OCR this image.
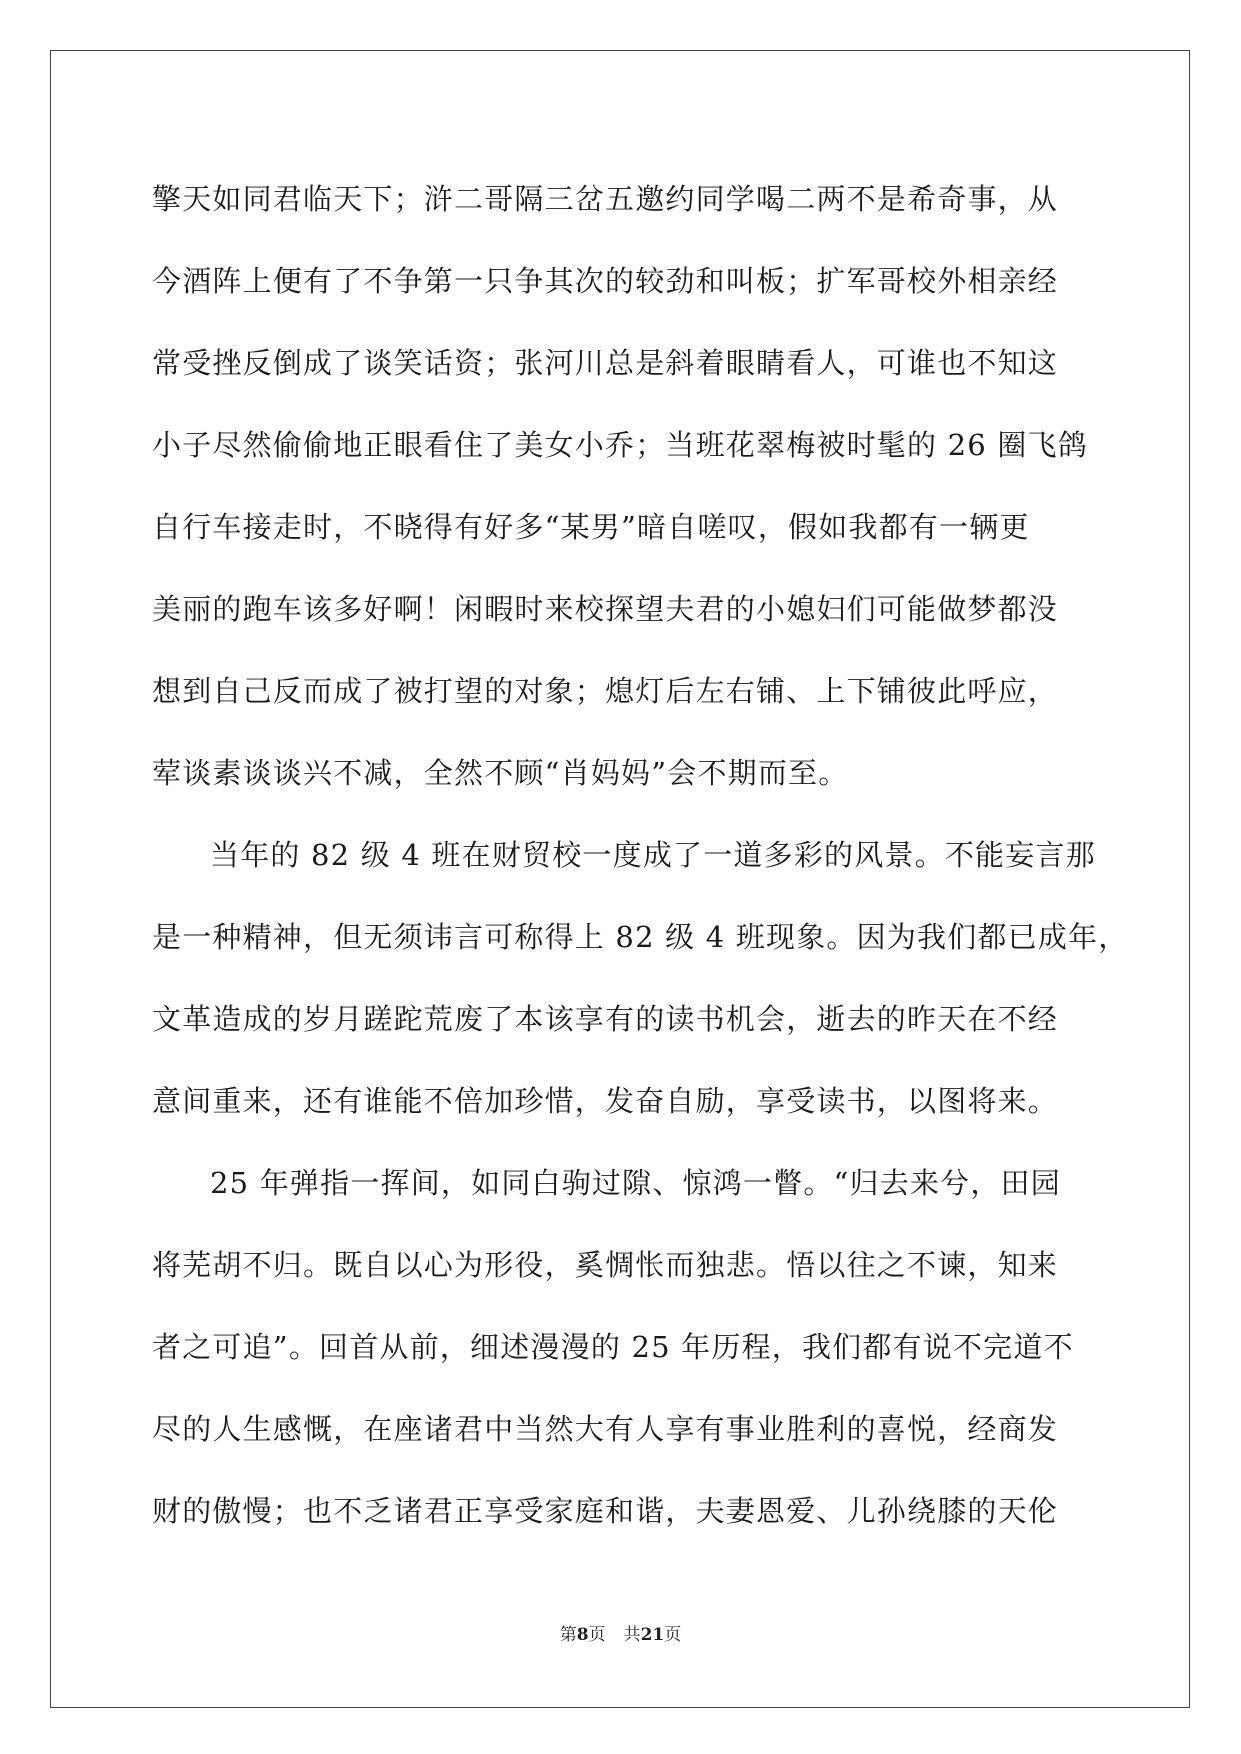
擎天如同君临天下；浒二哥隔三岔五邀约同学喝二两不是希奇事，从
今酒阵上便有了不争第一只争其次的较劲和叫板；扩军哥校外相亲经
常受挫反倒成了谈笑话资；张河川总是斜着眼睛看人，可谁也不知这
小子尽然偷偷地正眼看住了美女小乔；当班花翠梅被时髦的 26 圈飞鸽
自行车接走时，不晓得有好多“某男”暗自嗟叹，假如我都有一辆更
美丽的跑车该多好啊！闲暇时来校探望夫君的小媳妇们可能做梦都没
想到自己反而成了被打望的对象；熄灯后左右铺、上下铺彼此呼应，
荤谈素谈谈兴不减，全然不顾“肖妈妈”会不期而至。
当年的 82 级 4 班在财贸校一度成了一道多彩的风景。不能妄言那
是一种精神，但无须讳言可称得上 82 级 4 班现象。因为我们都已成年，
文革造成的岁月蹉跎荒废了本该享有的读书机会，逝去的昨天在不经
意间重来，还有谁能不倍加珍惜，发奋自励，享受读书，以图将来。
25 年弹指一挥间，如同白驹过隙、惊鸿一瞥。“归去来兮，田园
将芜胡不归。既自以心为形役，奚惆怅而独悲。悟以往之不谏，知来
者之可追”。回首从前，细述漫漫的 25 年历程，我们都有说不完道不
尽的人生感慨，在座诸君中当然大有人享有事业胜利的喜悦，经商发
财的傲慢；也不乏诸君正享受家庭和谐，夫妻恩爱、儿孙绕膝的天伦
第8页 共21页
